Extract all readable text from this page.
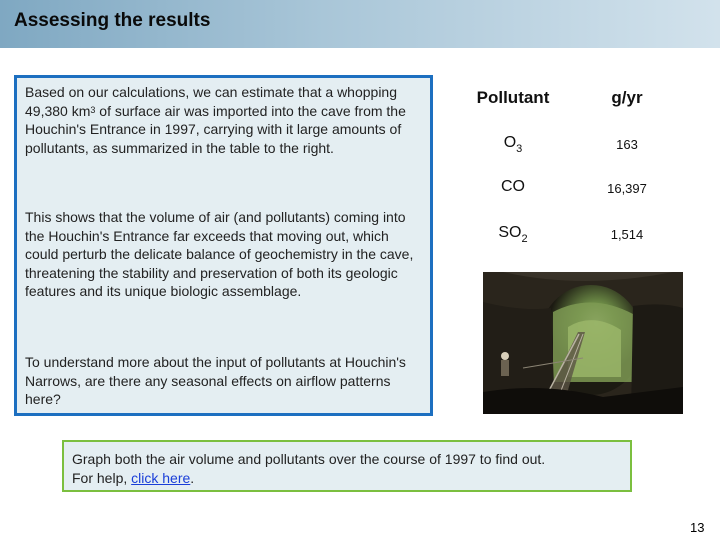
Assessing the results
Based on our calculations, we can estimate that a whopping 49,380 $km^3$ of surface air was imported into the cave from the Houchin's Entrance in 1997, carrying with it large amounts of pollutants, as summarized in the table to the right.
This shows that the volume of air (and pollutants) coming into the Houchin's Entrance far exceeds that moving out, which could perturb the delicate balance of geochemistry in the cave, threatening the stability and preservation of both its geologic features and its unique biologic assemblage.
To understand more about the input of pollutants at Houchin's Narrows, are there any seasonal effects on airflow patterns here?
Pollutant	g/yr
$O_3$	163
CO	16,397
$SO_2$	1,514
Graph both the air volume and pollutants over the course of 1997 to find out.
For help, click here.
13
